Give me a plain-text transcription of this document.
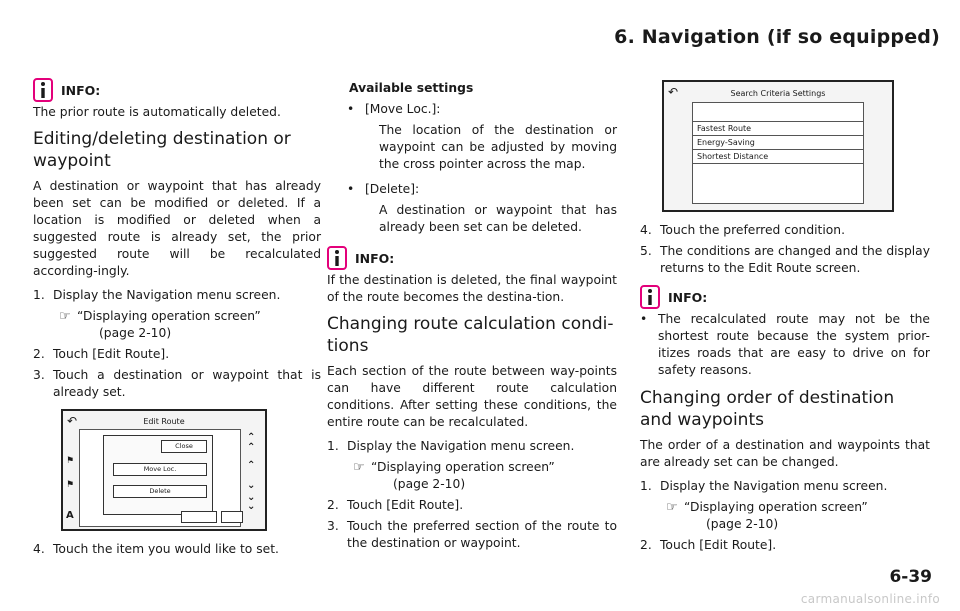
6. Navigation (if so equipped)
INFO:

The prior route is automatically deleted.

Editing/deleting destination or waypoint

A destination or waypoint that has already been set can be modified or deleted. If a location is modified or deleted when a suggested route is already set, the prior suggested route will be recalculated according-ingly.

1. Display the Navigation menu screen.
☞ “Displaying operation screen”
(page 2-10)
2. Touch [Edit Route].
3. Touch a destination or waypoint that is already set.
↶	Edit Route
⚑
⚑
A
Close
Move Loc.
Delete
⌃
⌃
⌃
⌄
⌄
⌄
4. Touch the item you would like to set.

Available settings

• [Move Loc.]:

The location of the destination or waypoint can be adjusted by moving the cross pointer across the map.

• [Delete]:

A destination or waypoint that has already been set can be deleted.

INFO:

If the destination is deleted, the final waypoint of the route becomes the destina-tion.

Changing route calculation condi-tions

Each section of the route between way-points can have different route calculation conditions. After setting these conditions, the entire route can be recalculated.

1. Display the Navigation menu screen.
☞ “Displaying operation screen”
(page 2-10)
2. Touch [Edit Route].
3. Touch the preferred section of the route to the destination or waypoint.
↶	Search Criteria Settings
Fastest Route
Energy-Saving
Shortest Distance
4. Touch the preferred condition.
5. The conditions are changed and the display returns to the Edit Route screen.
INFO:
• The recalculated route may not be the shortest route because the system prior-itizes roads that are easy to drive on for safety reasons.
Changing order of destination and waypoints

The order of a destination and waypoints that are already set can be changed.

1. Display the Navigation menu screen.
☞ “Displaying operation screen”
(page 2-10)
2. Touch [Edit Route].
6-39
carmanualsonline.info
